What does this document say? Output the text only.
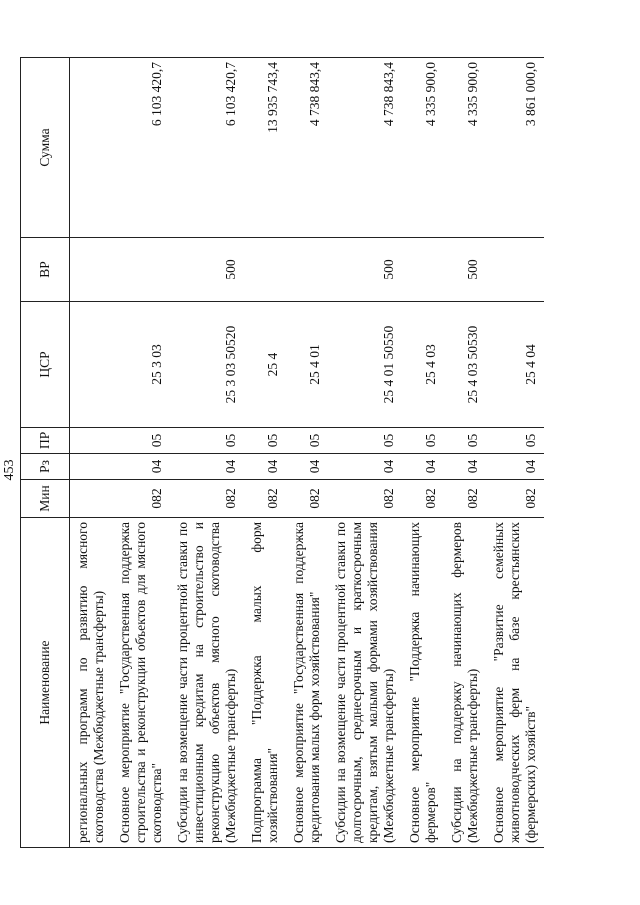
453
Наименование	Мин	Рз	ПР	ЦСР	ВР	Сумма
региональных программ по развитию мясного скотоводства (Межбюджетные трансферты)						
Основное мероприятие "Государственная поддержка строительства и реконструкции объектов для мясного скотоводства"	082	04	05	25 3 03		6 103 420,7
Субсидии на возмещение части процентной ставки по инвестиционным кредитам на строительство и реконструкцию объектов мясного скотоводства (Межбюджетные трансферты)	082	04	05	25 3 03 50520	500	6 103 420,7
Подпрограмма "Поддержка малых форм хозяйствования"	082	04	05	25 4		13 935 743,4
Основное мероприятие "Государственная поддержка кредитования малых форм хозяйствования"	082	04	05	25 4 01		4 738 843,4
Субсидии на возмещение части процентной ставки по долгосрочным, среднесрочным и краткосрочным кредитам, взятым малыми формами хозяйствования (Межбюджетные трансферты)	082	04	05	25 4 01 50550	500	4 738 843,4
Основное мероприятие "Поддержка начинающих фермеров"	082	04	05	25 4 03		4 335 900,0
Субсидии на поддержку начинающих фермеров (Межбюджетные трансферты)	082	04	05	25 4 03 50530	500	4 335 900,0
Основное мероприятие "Развитие семейных животноводческих ферм на базе крестьянских (фермерских) хозяйств"	082	04	05	25 4 04		3 861 000,0
